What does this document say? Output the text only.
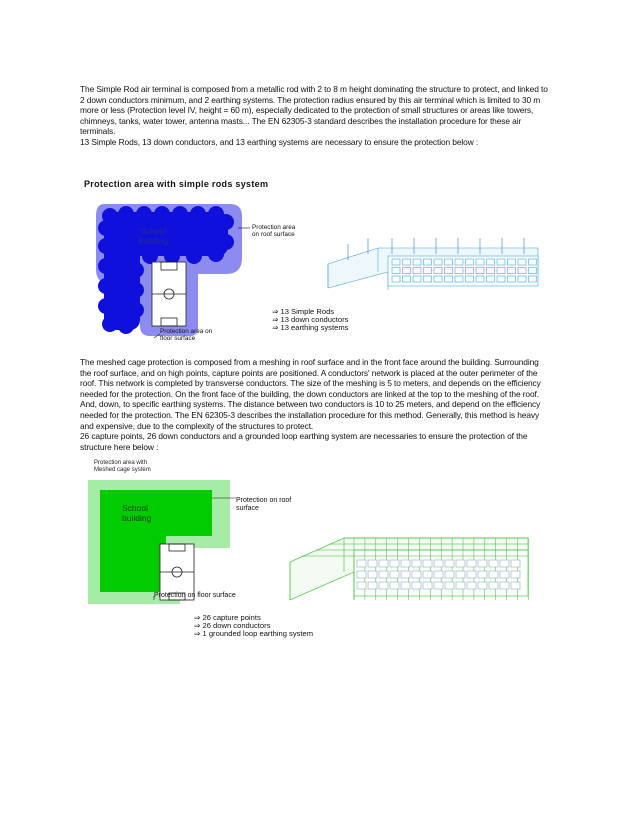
The Simple Rod air terminal is composed from a metallic rod with 2 to 8 m height dominating the structure to protect, and linked to 2 down conductors minimum, and 2 earthing systems. The protection radius ensured by this air terminal which is limited to 30 m more or less (Protection level IV, height = 60 m), especially dedicated to the protection of small structures or areas like towers, chimneys, tanks, water tower, antenna masts... The EN 62305-3 standard describes the installation procedure for these air terminals.

13 Simple Rods, 13 down conductors, and 13 earthing systems are necessary to ensure the protection below :

Protection area with simple rods system
School
Building
Protection area
on roof surface
Protection area on
floor surface
⇒ 13 Simple Rods
⇒ 13 down conductors
⇒ 13 earthing systems

The meshed cage protection is composed from a meshing in roof surface and in the front face around the building. Surrounding the roof surface, and on high points, capture points are positioned. A conductors' network is placed at the outer perimeter of the roof. This network is completed by transverse conductors. The size of the meshing is 5 to meters, and depends on the efficiency needed for the protection. On the front face of the building, the down conductors are linked at the top to the meshing of the roof. And, down, to specific earthing systems. The distance between two conductors is 10 to 25 meters, and depend on the efficiency needed for the protection. The EN 62305-3 describes the installation procedure for this method. Generally, this method is heavy and expensive, due to the complexity of the structures to protect.

26 capture points, 26 down conductors and a grounded loop earthing system are necessaries to ensure the protection of the structure here below :

Protection area with
Meshed cage system
School
building
Protection on roof
surface
Protection on floor surface
⇒ 26 capture points
⇒ 26 down conductors
⇒ 1 grounded loop earthing system
